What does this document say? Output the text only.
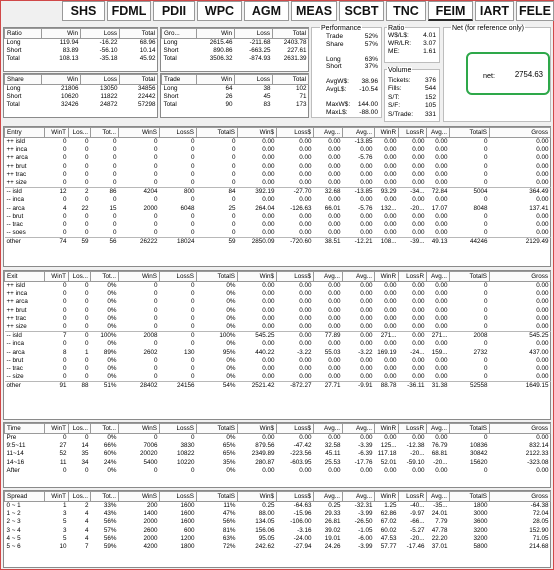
SHS	FDML	PDII	WPC	AGM	MEAS SCBT	TNC	FEIM	IART FELE
Ratio	Win	Loss	Total
Long	119.94	-16.22	68.96
Short	83.89	-56.10	10.14
Total	108.13	-35.18	45.92
Gro...	Win	Loss	Total
Long	2615.46	-211.68	2403.78
Short	890.86	-663.25	227.61
Total	3506.32	-874.93	2631.39
Share	Win	Loss	Total
Long	21806	13050	34856
Short	10620	11822	22442
Total	32426	24872	57298
Trade	Win	Loss	Total
Long	64	38	102
Short	26	45	71
Total	90	83	173
Performance
Trade	52%
Share	57%
Long	63%
Short	37%
AvgW$: 38.96
AvgL$: -10.54
MaxW$: 144.00
MaxL$: -88.00
Ratio
W$/L$: 4.01
WR/LR: 3.07
ME:	1.61
Volume
Tickets: 376
Fills:	544
S/T:	152
S/F:	105
S/Trade: 331
Net (for reference only)
net:	2754.63
Entry	WinT	Los...	Tot...	WinS	LossS	TotalS	Win$	Loss$	Avg...	Avg...	WinR	LossR	Avg...	TotalS	Gross
++ isld	0	0	0	0	0	0	0.00	0.00	0.00	-13.85	0.00	0.00	0.00	0	0.00
++ inca	0	0	0	0	0	0	0.00	0.00	0.00	0.00	0.00	0.00	0.00	0	0.00
++ arca	0	0	0	0	0	0	0.00	0.00	0.00	-5.76	0.00	0.00	0.00	0	0.00
++ brut	0	0	0	0	0	0	0.00	0.00	0.00	0.00	0.00	0.00	0.00	0	0.00
++ trac	0	0	0	0	0	0	0.00	0.00	0.00	0.00	0.00	0.00	0.00	0	0.00
++ size	0	0	0	0	0	0	0.00	0.00	0.00	0.00	0.00	0.00	0.00	0	0.00
-- isld	12	2	86	4204	800	84	392.19	-27.70	32.68	-13.85	93.29	-34...	72.84	5004	364.49
-- inca	0	0	0	0	0	0	0.00	0.00	0.00	0.00	0.00	0.00	0.00	0	0.00
-- arca	4	22	15	2000	6048	25	264.04	-126.63	66.01	-5.76	132...	-20...	17.07	8048	137.41
-- brut	0	0	0	0	0	0	0.00	0.00	0.00	0.00	0.00	0.00	0.00	0	0.00
-- trac	0	0	0	0	0	0	0.00	0.00	0.00	0.00	0.00	0.00	0.00	0	0.00
-- soes	0	0	0	0	0	0	0.00	0.00	0.00	0.00	0.00	0.00	0.00	0	0.00
other	74	59	56	26222	18024	59	2850.09	-720.60	38.51	-12.21	108...	-39...	49.13	44246	2129.49
Exit	WinT	Los...	Tot...	WinS	LossS	TotalS	Win$	Loss$	Avg...	Avg...	WinR	LossR	Avg...	TotalS	Gross
++ isld	0	0	0%	0	0	0%	0.00	0.00	0.00	0.00	0.00	0.00	0.00	0	0.00
++ inca	0	0	0%	0	0	0%	0.00	0.00	0.00	0.00	0.00	0.00	0.00	0	0.00
++ arca	0	0	0%	0	0	0%	0.00	0.00	0.00	0.00	0.00	0.00	0.00	0	0.00
++ brut	0	0	0%	0	0	0%	0.00	0.00	0.00	0.00	0.00	0.00	0.00	0	0.00
++ trac	0	0	0%	0	0	0%	0.00	0.00	0.00	0.00	0.00	0.00	0.00	0	0.00
++ size	0	0	0%	0	0	0%	0.00	0.00	0.00	0.00	0.00	0.00	0.00	0	0.00
-- isld	7	0	100%	2008	0	100%	545.25	0.00	77.89	0.00	271...	0.00	271...	2008	545.25
-- inca	0	0	0%	0	0	0%	0.00	0.00	0.00	0.00	0.00	0.00	0.00	0	0.00
-- arca	8	1	89%	2602	130	95%	440.22	-3.22	55.03	-3.22	169.19	-24...	159...	2732	437.00
-- brut	0	0	0%	0	0	0%	0.00	0.00	0.00	0.00	0.00	0.00	0.00	0	0.00
-- trac	0	0	0%	0	0	0%	0.00	0.00	0.00	0.00	0.00	0.00	0.00	0	0.00
-- size	0	0	0%	0	0	0%	0.00	0.00	0.00	0.00	0.00	0.00	0.00	0	0.00
other	91	88	51%	28402	24156	54%	2521.42	-872.27	27.71	-9.91	88.78	-36.11	31.38	52558	1649.15
Time	WinT	Los...	Tot...	WinS	LossS	TotalS	Win$	Loss$	Avg...	Avg...	WinR	LossR	Avg...	TotalS	Gross
Pre	0	0	0%	0	0	0%	0.00	0.00	0.00	0.00	0.00	0.00	0.00	0	0.00
9:5~11	27	14	66%	7006	3830	65%	879.56	-47.42	32.58	-3.39	125...	-12.38	76.79	10836	832.14
11~14	52	35	60%	20020	10822	65%	2349.89	-223.56	45.11	-6.39	117.18	-20...	68.81	30842	2122.33
14~16	11	34	24%	5400	10220	35%	280.87	-603.95	25.53	-17.76	52.01	-59.10	-20...	15620	-323.08
After	0	0	0%	0	0	0%	0.00	0.00	0.00	0.00	0.00	0.00	0.00	0	0.00
Spread	WinT	Los...	Tot...	WinS	LossS	TotalS	Win$	Loss$	Avg...	Avg...	WinR	LossR	Avg...	TotalS	Gross
0 ~ 1	1	2	33%	200	1600	11%	0.25	-64.63	0.25	-32.31	1.25	-40...	-35...	1800	-64.38
1 ~ 2	3	4	43%	1400	1600	47%	88.00	-15.96	29.33	-3.99	62.86	-9.97	24.01	3000	72.04
2 ~ 3	5	4	56%	2000	1600	56%	134.05	-106.00	26.81	-26.50	67.02	-66...	7.79	3600	28.05
3 ~ 4	3	4	57%	2600	600	81%	156.06	-3.16	39.02	-1.05	60.02	-5.27	47.78	3200	152.90
4 ~ 5	5	4	56%	2000	1200	63%	95.05	-24.00	19.01	-6.00	47.53	-20...	22.20	3200	71.05
5 ~ 6	10	7	59%	4200	1800	72%	242.62	-27.94	24.26	-3.99	57.77	-17.46	37.01	5800	214.68
